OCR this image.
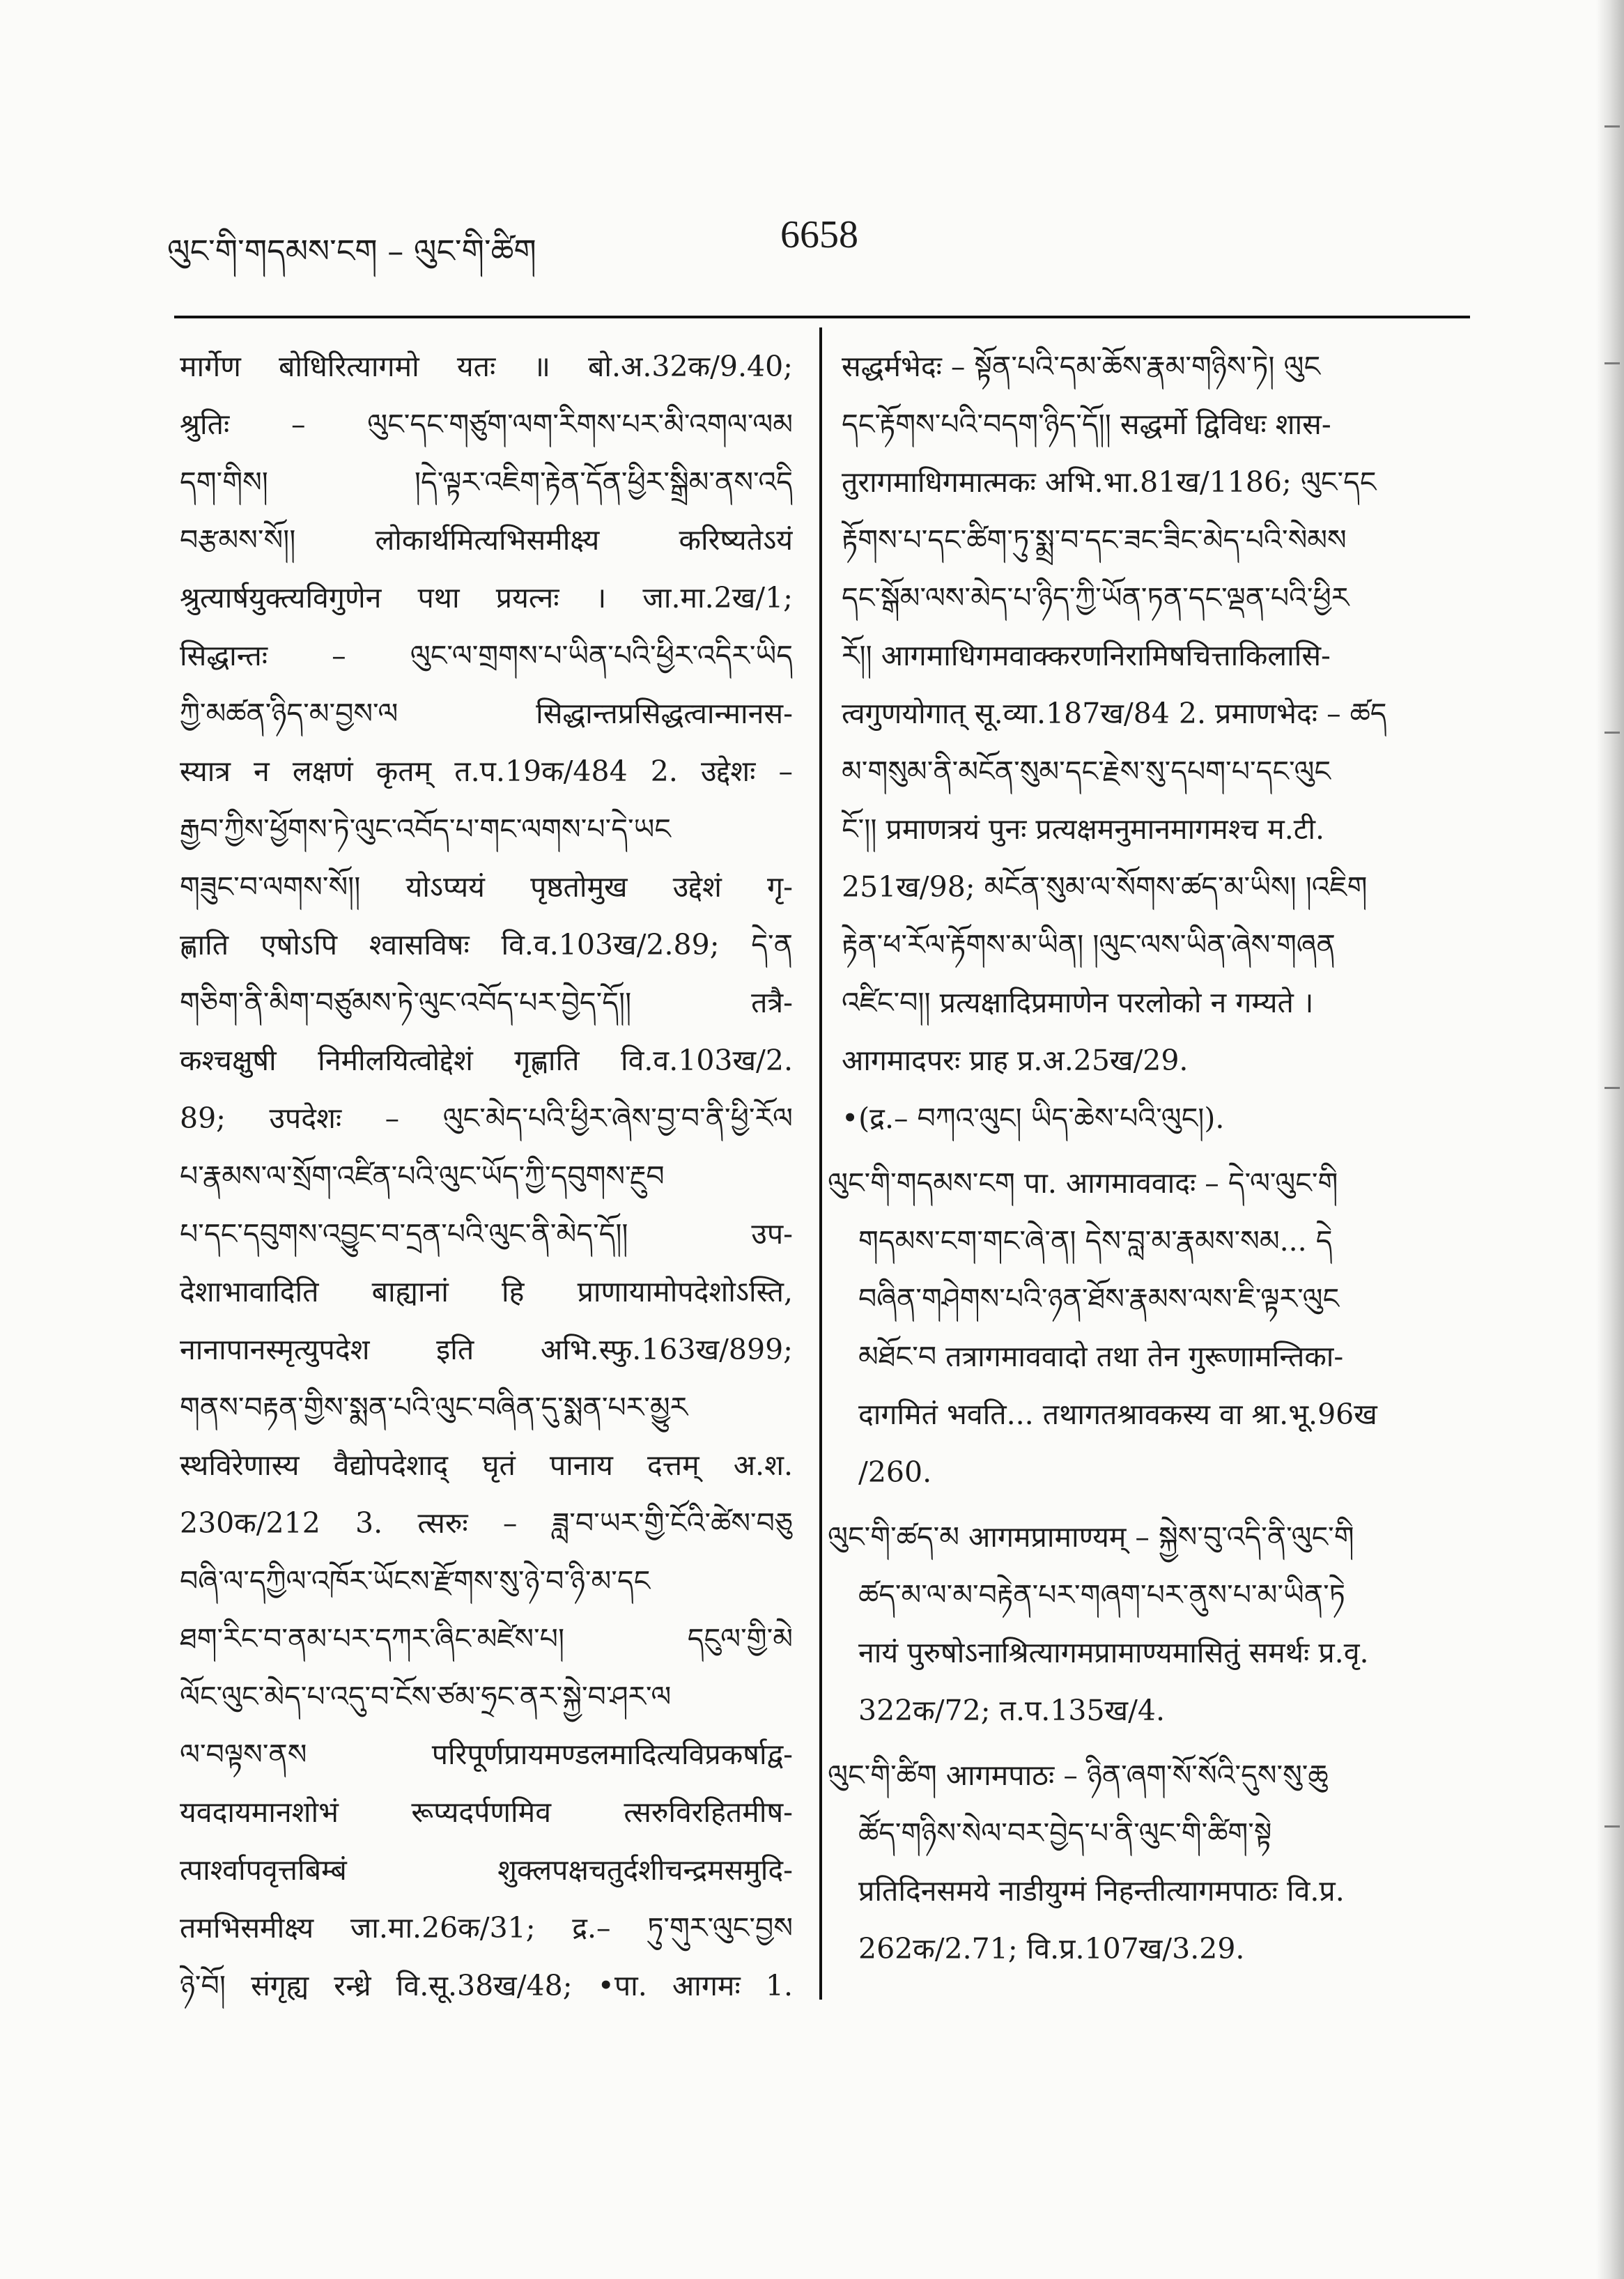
ལུང་གི་གདམས་ངག – ལུང་གི་ཚིག	6658
मार्गेण बोधिरित्यागमो यतः ॥ बो.अ.32क/9.40;
श्रुतिः – ལུང་དང་གཙུག་ལག་རིགས་པར་མི་འགལ་ལམ
དག་གིས། །དེ་ལྟར་འཇིག་རྟེན་དོན་ཕྱིར་སྒྲིམ་ནས་འདི
བརྩམས་སོ།། लोकार्थमित्यभिसमीक्ष्य करिष्यतेऽयं
श्रुत्यार्षयुक्त्यविगुणेन पथा प्रयत्नः । जा.मा.2ख/1;
सिद्धान्तः – ལུང་ལ་གྲགས་པ་ཡིན་པའི་ཕྱིར་འདིར་ཡིད
ཀྱི་མཚན་ཉིད་མ་བྱས་ལ सिद्धान्तप्रसिद्धत्वान्मानस-
स्यात्र न लक्षणं कृतम् त.प.19क/484 2. उद्देशः –
རྒྱབ་ཀྱིས་ཕྱོགས་ཏེ་ལུང་འབོད་པ་གང་ལགས་པ་དེ་ཡང
གཟུང་བ་ལགས་སོ།། योऽप्ययं पृष्ठतोमुख उद्देशं गृ-
ह्णाति एषोऽपि श्वासविषः वि.व.103ख/2.89; དེ་ན
གཅིག་ནི་མིག་བཙུམས་ཏེ་ལུང་འབོད་པར་བྱེད་དོ།། तत्रै-
कश्चक्षुषी निमीलयित्वोद्देशं गृह्णाति वि.व.103ख/2.
89; उपदेशः – ལུང་མེད་པའི་ཕྱིར་ཞེས་བྱ་བ་ནི་ཕྱི་རོལ
པ་རྣམས་ལ་སྲོག་འཛིན་པའི་ལུང་ཡོད་ཀྱི་དབུགས་རྔུབ
པ་དང་དབུགས་འབྱུང་བ་དྲན་པའི་ལུང་ནི་མེད་དོ།། उप-
देशाभावादिति बाह्यानां हि प्राणायामोपदेशोऽस्ति,
नानापानस्मृत्युपदेश इति अभि.स्फु.163ख/899;
གནས་བརྟན་གྱིས་སྨན་པའི་ལུང་བཞིན་དུ་སྨན་པར་མྱུར
स्थविरेणास्य वैद्योपदेशाद् घृतं पानाय दत्तम् अ.श.
230क/212 3. त्सरुः – ཟླ་བ་ཡར་གྱི་ངོའི་ཚེས་བཅུ
བཞི་ལ་དཀྱིལ་འཁོར་ཡོངས་རྫོགས་སུ་ཉེ་བ་ཉི་མ་དང
ཐག་རིང་བ་ནམ་པར་དཀར་ཞིང་མཛེས་པ། དངུལ་གྱི་མེ
ལོང་ལུང་མེད་པ་འདུ་བ་ངོས་ཙམ་ཧྲང་ནར་སྐྱེ་བ་ཤར་ལ
ལ་བལྟས་ནས परिपूर्णप्रायमण्डलमादित्यविप्रकर्षाद्व-
यवदायमानशोभं रूप्यदर्पणमिव त्सरुविरहितमीष-
त्पार्श्वापवृत्तबिम्बं शुक्लपक्षचतुर्दशीचन्द्रमसमुदि-
तमभिसमीक्ष्य जा.मा.26क/31; द्र.– ཏུ་གུར་ལུང་བྱས
ཉེ་བོ། संगृह्य रन्ध्रे वि.सू.38ख/48; •पा. आगमः 1.
सद्धर्मभेदः – སྟོན་པའི་དམ་ཆོས་རྣམ་གཉིས་ཏེ། ལུང
དང་རྟོགས་པའི་བདག་ཉིད་དོ།། सद्धर्मो द्विविधः शास-
तुरागमाधिगमात्मकः अभि.भा.81ख/1186; ལུང་དང
རྟོགས་པ་དང་ཚིག་ཏུ་སྨྲ་བ་དང་ཟང་ཟིང་མེད་པའི་སེམས
དང་སྒོམ་ལས་མེད་པ་ཉིད་ཀྱི་ཡོན་ཏན་དང་ལྡན་པའི་ཕྱིར
རོ།། आगमाधिगमवाक्करणनिरामिषचित्ताकिलासि-
त्वगुणयोगात् सू.व्या.187ख/84 2. प्रमाणभेदः – ཚད
མ་གསུམ་ནི་མངོན་སུམ་དང་རྗེས་སུ་དཔག་པ་དང་ལུང
ངོ་།། प्रमाणत्रयं पुनः प्रत्यक्षमनुमानमागमश्च म.टी.
251ख/98; མངོན་སུམ་ལ་སོགས་ཚད་མ་ཡིས། །འཇིག
རྟེན་ཕ་རོལ་རྟོགས་མ་ཡིན། །ལུང་ལས་ཡིན་ཞེས་གཞན
འཛིང་བ།། प्रत्यक्षादिप्रमाणेन परलोको न गम्यते ।
आगमादपरः प्राह प्र.अ.25ख/29.
•(द्र.– བཀའ་ལུང། ཡིད་ཆེས་པའི་ལུང།).
ལུང་གི་གདམས་ངག पा. आगमाववादः – དེ་ལ་ལུང་གི
གདམས་ངག་གང་ཞེ་ན། དེས་བླ་མ་རྣམས་སམ... དེ
བཞིན་གཤེགས་པའི་ཉན་ཐོས་རྣམས་ལས་ཇི་ལྟར་ལུང
མཐོང་བ तत्रागमाववादो तथा तेन गुरूणामन्तिका-
दागमितं भवति... तथागतश्रावकस्य वा श्रा.भू.96ख
/260.
ལུང་གི་ཚད་མ आगमप्रामाण्यम् – སྐྱེས་བུ་འདི་ནི་ལུང་གི
ཚད་མ་ལ་མ་བརྟེན་པར་གཞག་པར་ནུས་པ་མ་ཡིན་ཏེ
नायं पुरुषोऽनाश्रित्यागमप्रामाण्यमासितुं समर्थः प्र.वृ.
322क/72; त.प.135ख/4.
ལུང་གི་ཚིག आगमपाठः – ཉིན་ཞག་སོ་སོའི་དུས་སུ་ཆུ
ཚོད་གཉིས་སེལ་བར་བྱེད་པ་ནི་ལུང་གི་ཚིག་སྟེ
प्रतिदिनसमये नाडीयुग्मं निहन्तीत्यागमपाठः वि.प्र.
262क/2.71; वि.प्र.107ख/3.29.
